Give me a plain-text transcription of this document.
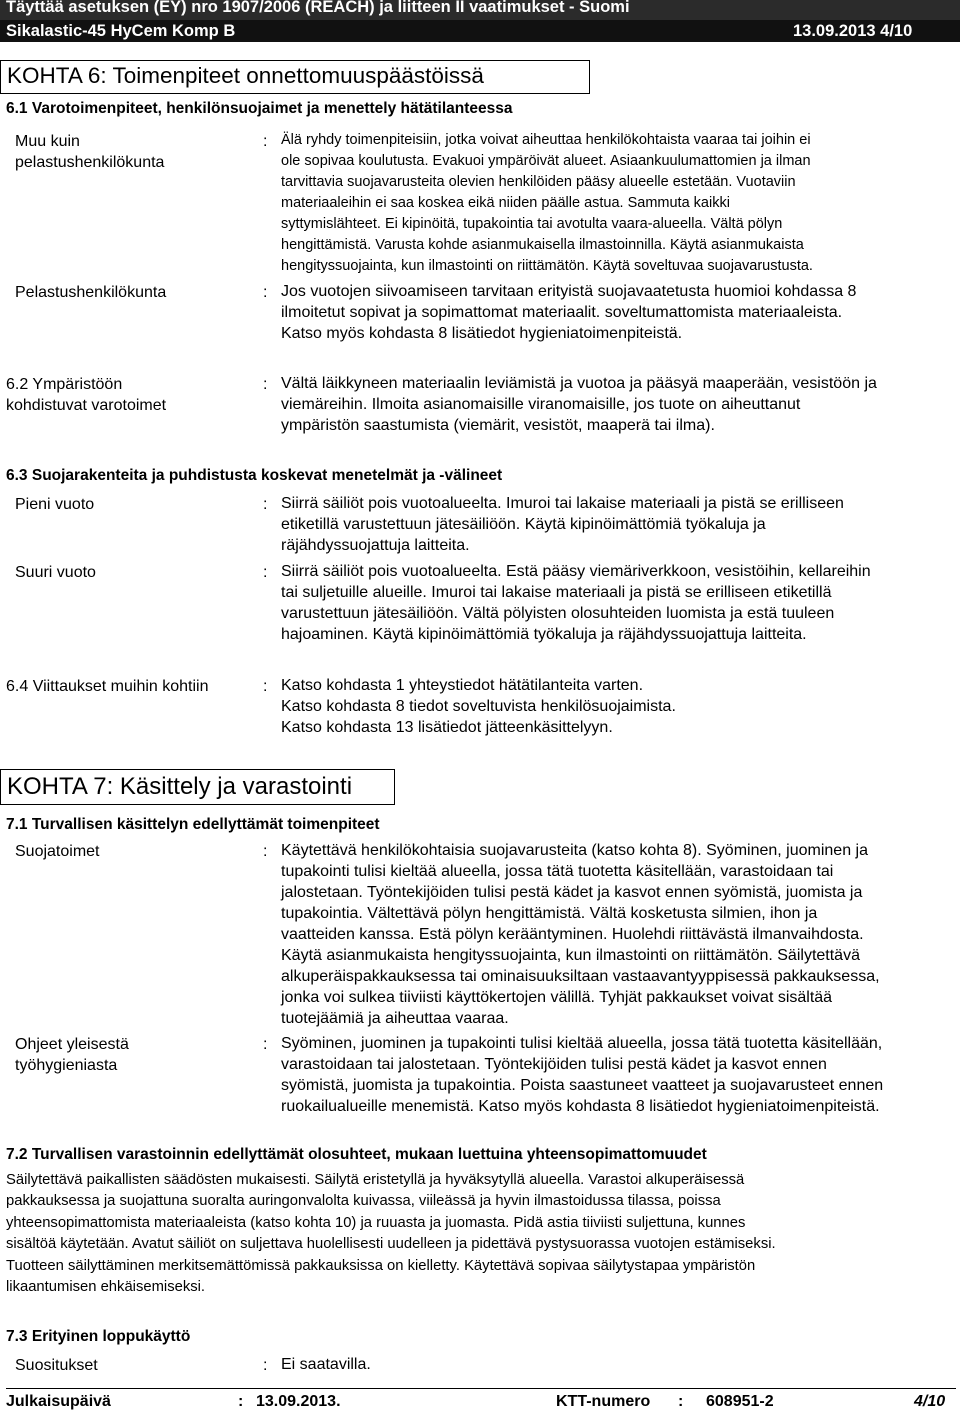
Täyttää asetuksen (EY) nro 1907/2006 (REACH) ja liitteen II vaatimukset - Suomi
Sikalastic-45 HyCem Komp B	13.09.2013 4/10
KOHTA 6: Toimenpiteet onnettomuuspäästöissä
6.1 Varotoimenpiteet, henkilönsuojaimet ja menettely hätätilanteessa
Muu kuin
pelastushenkilökunta
: Älä ryhdy toimenpiteisiin, jotka voivat aiheuttaa henkilökohtaista vaaraa tai joihin ei
ole sopivaa koulutusta. Evakuoi ympäröivät alueet. Asiaankuulumattomien ja ilman
tarvittavia suojavarusteita olevien henkilöiden pääsy alueelle estetään. Vuotaviin
materiaaleihin ei saa koskea eikä niiden päälle astua. Sammuta kaikki
syttymislähteet. Ei kipinöitä, tupakointia tai avotulta vaara-alueella. Vältä pölyn
hengittämistä. Varusta kohde asianmukaisella ilmastoinnilla. Käytä asianmukaista
hengityssuojainta, kun ilmastointi on riittämätön. Käytä soveltuvaa suojavarustusta.
Pelastushenkilökunta	: Jos vuotojen siivoamiseen tarvitaan erityistä suojavaatetusta huomioi kohdassa 8
ilmoitetut sopivat ja sopimattomat materiaalit. soveltumattomista materiaaleista.
Katso myös kohdasta 8 lisätiedot hygieniatoimenpiteistä.
6.2 Ympäristöön
kohdistuvat varotoimet
: Vältä läikkyneen materiaalin leviämistä ja vuotoa ja pääsyä maaperään, vesistöön ja
viemäreihin. Ilmoita asianomaisille viranomaisille, jos tuote on aiheuttanut
ympäristön saastumista (viemärit, vesistöt, maaperä tai ilma).
6.3 Suojarakenteita ja puhdistusta koskevat menetelmät ja -välineet
Pieni vuoto	: Siirrä säiliöt pois vuotoalueelta. Imuroi tai lakaise materiaali ja pistä se erilliseen
etiketillä varustettuun jätesäiliöön. Käytä kipinöimättömiä työkaluja ja
räjähdyssuojattuja laitteita.
Suuri vuoto	: Siirrä säiliöt pois vuotoalueelta. Estä pääsy viemäriverkkoon, vesistöihin, kellareihin
tai suljetuille alueille. Imuroi tai lakaise materiaali ja pistä se erilliseen etiketillä
varustettuun jätesäiliöön. Vältä pölyisten olosuhteiden luomista ja estä tuuleen
hajoaminen. Käytä kipinöimättömiä työkaluja ja räjähdyssuojattuja laitteita.
6.4 Viittaukset muihin kohtiin	: Katso kohdasta 1 yhteystiedot hätätilanteita varten.
Katso kohdasta 8 tiedot soveltuvista henkilösuojaimista.
Katso kohdasta 13 lisätiedot jätteenkäsittelyyn.
KOHTA 7: Käsittely ja varastointi
7.1 Turvallisen käsittelyn edellyttämät toimenpiteet
Suojatoimet	: Käytettävä henkilökohtaisia suojavarusteita (katso kohta 8). Syöminen, juominen ja
tupakointi tulisi kieltää alueella, jossa tätä tuotetta käsitellään, varastoidaan tai
jalostetaan. Työntekijöiden tulisi pestä kädet ja kasvot ennen syömistä, juomista ja
tupakointia. Vältettävä pölyn hengittämistä. Vältä kosketusta silmien, ihon ja
vaatteiden kanssa. Estä pölyn kerääntyminen. Huolehdi riittävästä ilmanvaihdosta.
Käytä asianmukaista hengityssuojainta, kun ilmastointi on riittämätön. Säilytettävä
alkuperäispakkauksessa tai ominaisuuksiltaan vastaavantyyppisessä pakkauksessa,
jonka voi sulkea tiiviisti käyttökertojen välillä. Tyhjät pakkaukset voivat sisältää
tuotejäämiä ja aiheuttaa vaaraa.
Ohjeet yleisestä
työhygieniasta
: Syöminen, juominen ja tupakointi tulisi kieltää alueella, jossa tätä tuotetta käsitellään,
varastoidaan tai jalostetaan. Työntekijöiden tulisi pestä kädet ja kasvot ennen
syömistä, juomista ja tupakointia. Poista saastuneet vaatteet ja suojavarusteet ennen
ruokailualueille menemistä. Katso myös kohdasta 8 lisätiedot hygieniatoimenpiteistä.
7.2 Turvallisen varastoinnin edellyttämät olosuhteet, mukaan luettuina yhteensopimattomuudet
Säilytettävä paikallisten säädösten mukaisesti. Säilytä eristetyllä ja hyväksytyllä alueella. Varastoi alkuperäisessä
pakkauksessa ja suojattuna suoralta auringonvalolta kuivassa, viileässä ja hyvin ilmastoidussa tilassa, poissa
yhteensopimattomista materiaaleista (katso kohta 10) ja ruuasta ja juomasta. Pidä astia tiiviisti suljettuna, kunnes
sisältöä käytetään. Avatut säiliöt on suljettava huolellisesti uudelleen ja pidettävä pystysuorassa vuotojen estämiseksi.
Tuotteen säilyttäminen merkitsemättömissä pakkauksissa on kielletty. Käytettävä sopivaa säilytystapaa ympäristön
likaantumisen ehkäisemiseksi.
7.3 Erityinen loppukäyttö
Suositukset	: Ei saatavilla.
Julkaisupäivä	: 13.09.2013.	KTT-numero : 608951-2	4/10
